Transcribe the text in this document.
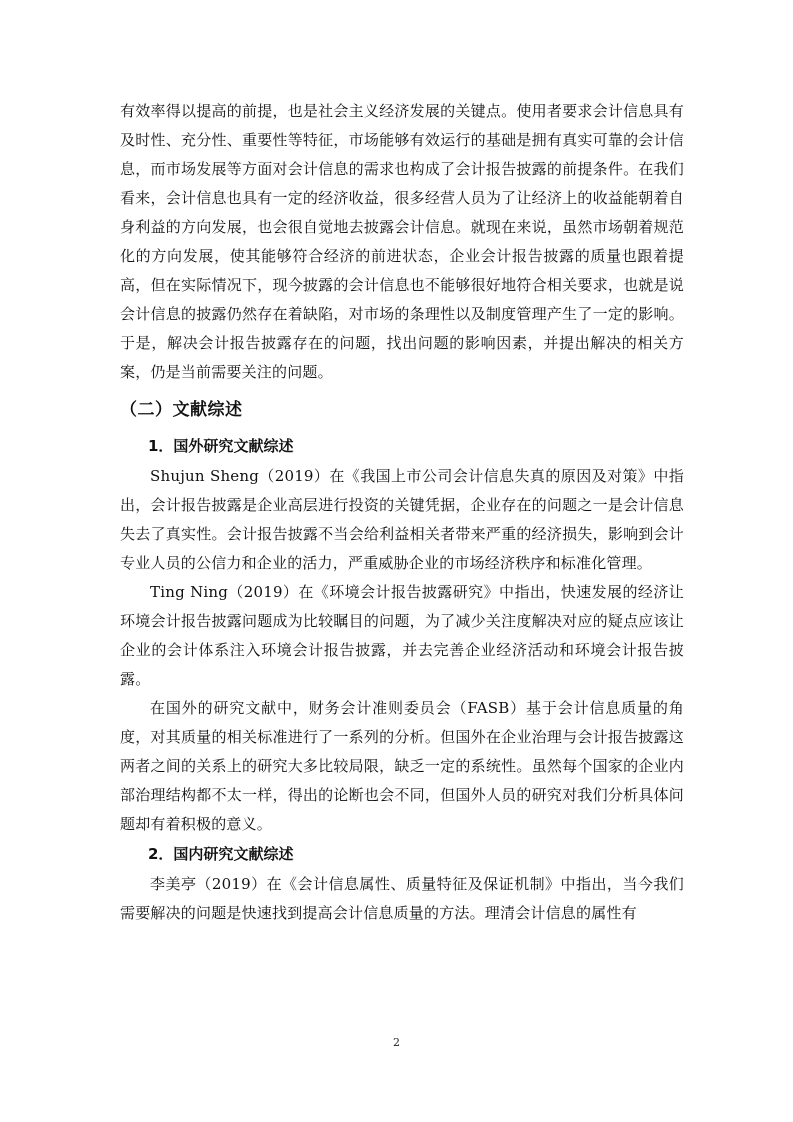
有效率得以提高的前提，也是社会主义经济发展的关键点。使用者要求会计信息具有及时性、充分性、重要性等特征，市场能够有效运行的基础是拥有真实可靠的会计信息，而市场发展等方面对会计信息的需求也构成了会计报告披露的前提条件。在我们看来，会计信息也具有一定的经济收益，很多经营人员为了让经济上的收益能朝着自身利益的方向发展，也会很自觉地去披露会计信息。就现在来说，虽然市场朝着规范化的方向发展，使其能够符合经济的前进状态，企业会计报告披露的质量也跟着提高，但在实际情况下，现今披露的会计信息也不能够很好地符合相关要求，也就是说会计信息的披露仍然存在着缺陷，对市场的条理性以及制度管理产生了一定的影响。于是，解决会计报告披露存在的问题，找出问题的影响因素，并提出解决的相关方案，仍是当前需要关注的问题。

（二）文献综述
1．国外研究文献综述

Shujun Sheng（2019）在《我国上市公司会计信息失真的原因及对策》中指出，会计报告披露是企业高层进行投资的关键凭据，企业存在的问题之一是会计信息失去了真实性。会计报告披露不当会给利益相关者带来严重的经济损失，影响到会计专业人员的公信力和企业的活力，严重威胁企业的市场经济秩序和标准化管理。

Ting Ning（2019）在《环境会计报告披露研究》中指出，快速发展的经济让环境会计报告披露问题成为比较瞩目的问题，为了减少关注度解决对应的疑点应该让企业的会计体系注入环境会计报告披露，并去完善企业经济活动和环境会计报告披露。

在国外的研究文献中，财务会计准则委员会（FASB）基于会计信息质量的角度，对其质量的相关标准进行了一系列的分析。但国外在企业治理与会计报告披露这两者之间的关系上的研究大多比较局限，缺乏一定的系统性。虽然每个国家的企业内部治理结构都不太一样，得出的论断也会不同，但国外人员的研究对我们分析具体问题却有着积极的意义。

2．国内研究文献综述

李美亭（2019）在《会计信息属性、质量特征及保证机制》中指出，当今我们需要解决的问题是快速找到提高会计信息质量的方法。理清会计信息的属性有

2
